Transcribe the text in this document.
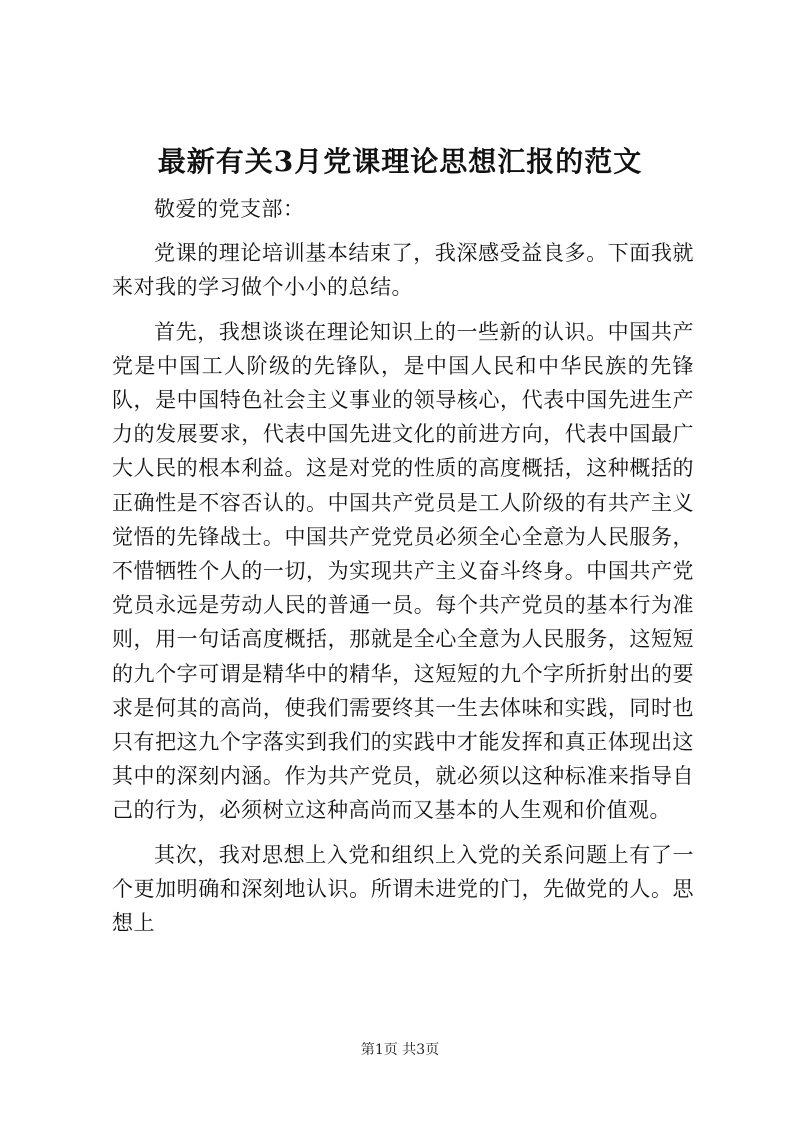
最新有关3月党课理论思想汇报的范文

敬爱的党支部：

党课的理论培训基本结束了，我深感受益良多。下面我就来对我的学习做个小小的总结。

首先，我想谈谈在理论知识上的一些新的认识。中国共产党是中国工人阶级的先锋队，是中国人民和中华民族的先锋队，是中国特色社会主义事业的领导核心，代表中国先进生产力的发展要求，代表中国先进文化的前进方向，代表中国最广大人民的根本利益。这是对党的性质的高度概括，这种概括的正确性是不容否认的。中国共产党员是工人阶级的有共产主义觉悟的先锋战士。中国共产党党员必须全心全意为人民服务，不惜牺牲个人的一切，为实现共产主义奋斗终身。中国共产党党员永远是劳动人民的普通一员。每个共产党员的基本行为准则，用一句话高度概括，那就是全心全意为人民服务，这短短的九个字可谓是精华中的精华，这短短的九个字所折射出的要求是何其的高尚，使我们需要终其一生去体味和实践，同时也只有把这九个字落实到我们的实践中才能发挥和真正体现出这其中的深刻内涵。作为共产党员，就必须以这种标准来指导自己的行为，必须树立这种高尚而又基本的人生观和价值观。

其次，我对思想上入党和组织上入党的关系问题上有了一个更加明确和深刻地认识。所谓未进党的门，先做党的人。思想上

第1页 共3页
